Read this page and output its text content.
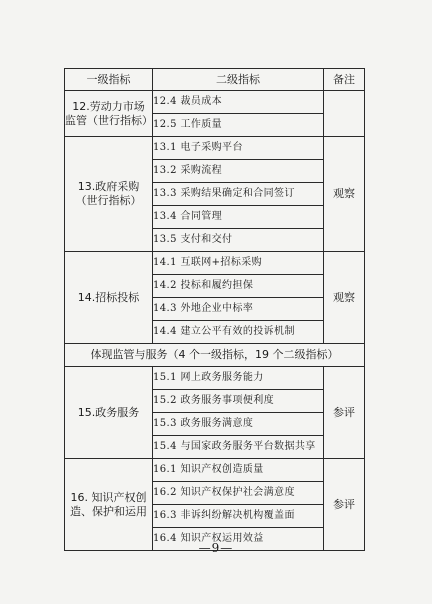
一级指标	二级指标	备注

12.劳动力市场
监管（世行指标）	12.4 裁员成本	
	12.5 工作质量	

13.政府采购
（世行指标）	13.1 电子采购平台	观察
	13.2 采购流程	
	13.3 采购结果确定和合同签订	
	13.4 合同管理	
	13.5 支付和交付	

14.招标投标	14.1 互联网+招标采购	观察
	14.2 投标和履约担保	
	14.3 外地企业中标率	
	14.4 建立公平有效的投诉机制	
体现监管与服务（4 个一级指标，19 个二级指标）		

15.政务服务	15.1 网上政务服务能力	参评
	15.2 政务服务事项便利度	
	15.3 政务服务满意度	
	15.4 与国家政务服务平台数据共享	

16. 知识产权创
造、保护和运用	16.1 知识产权创造质量	参评
	16.2 知识产权保护社会满意度	
	16.3 非诉纠纷解决机构覆盖面	
	16.4 知识产权运用效益	
—9—
